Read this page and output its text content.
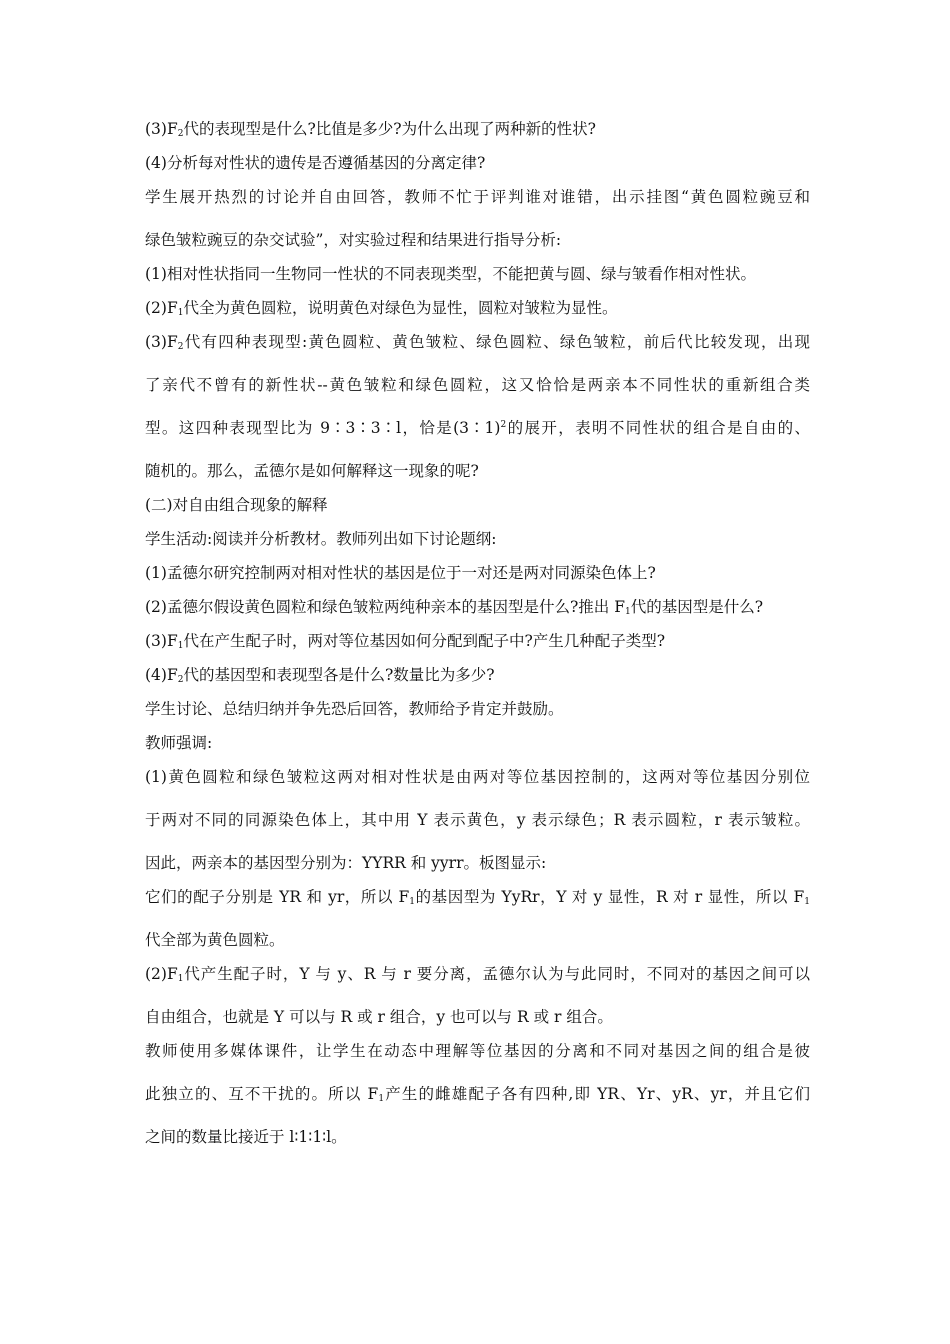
$(3)F_2$代的表现型是什么?比值是多少?为什么出现了两种新的性状?
(4)分析每对性状的遗传是否遵循基因的分离定律?
学生展开热烈的讨论并自由回答，教师不忙于评判谁对谁错，出示挂图“黄色圆粒豌豆和
绿色皱粒豌豆的杂交试验”，对实验过程和结果进行指导分析:
(1)相对性状指同一生物同一性状的不同表现类型，不能把黄与圆、绿与皱看作相对性状。
$(2)F_1$代全为黄色圆粒，说明黄色对绿色为显性，圆粒对皱粒为显性。
$(3)F_2$代有四种表现型:黄色圆粒、黄色皱粒、绿色圆粒、绿色皱粒，前后代比较发现，出现
了亲代不曾有的新性状--黄色皱粒和绿色圆粒，这又恰恰是两亲本不同性状的重新组合类
型。这四种表现型比为 9∶3∶3∶l，恰是(3∶1)$^2$的展开，表明不同性状的组合是自由的、
随机的。那么，孟德尔是如何解释这一现象的呢?
(二)对自由组合现象的解释
学生活动:阅读并分析教材。教师列出如下讨论题纲:
(1)孟德尔研究控制两对相对性状的基因是位于一对还是两对同源染色体上?
(2)孟德尔假设黄色圆粒和绿色皱粒两纯种亲本的基因型是什么?推出 $F_1$代的基因型是什么?
$(3)F_1$代在产生配子时，两对等位基因如何分配到配子中?产生几种配子类型?
$(4)F_2$代的基因型和表现型各是什么?数量比为多少?
学生讨论、总结归纳并争先恐后回答，教师给予肯定并鼓励。
教师强调:
(1)黄色圆粒和绿色皱粒这两对相对性状是由两对等位基因控制的，这两对等位基因分别位
于两对不同的同源染色体上，其中用 Y 表示黄色，y 表示绿色；R 表示圆粒，r 表示皱粒。
因此，两亲本的基因型分别为：YYRR 和 yyrr。板图显示:
它们的配子分别是 YR 和 yr，所以 $F_1$的基因型为 YyRr，Y 对 y 显性，R 对 r 显性，所以 $F_1$
代全部为黄色圆粒。
$(2)F_1$代产生配子时，Y 与 y、R 与 r 要分离，孟德尔认为与此同时，不同对的基因之间可以
自由组合，也就是 Y 可以与 R 或 r 组合，y 也可以与 R 或 r 组合。
教师使用多媒体课件，让学生在动态中理解等位基因的分离和不同对基因之间的组合是彼
此独立的、互不干扰的。所以 $F_1$产生的雌雄配子各有四种,即 YR、Yr、yR、yr，并且它们
之间的数量比接近于 l∶1∶1∶l。
